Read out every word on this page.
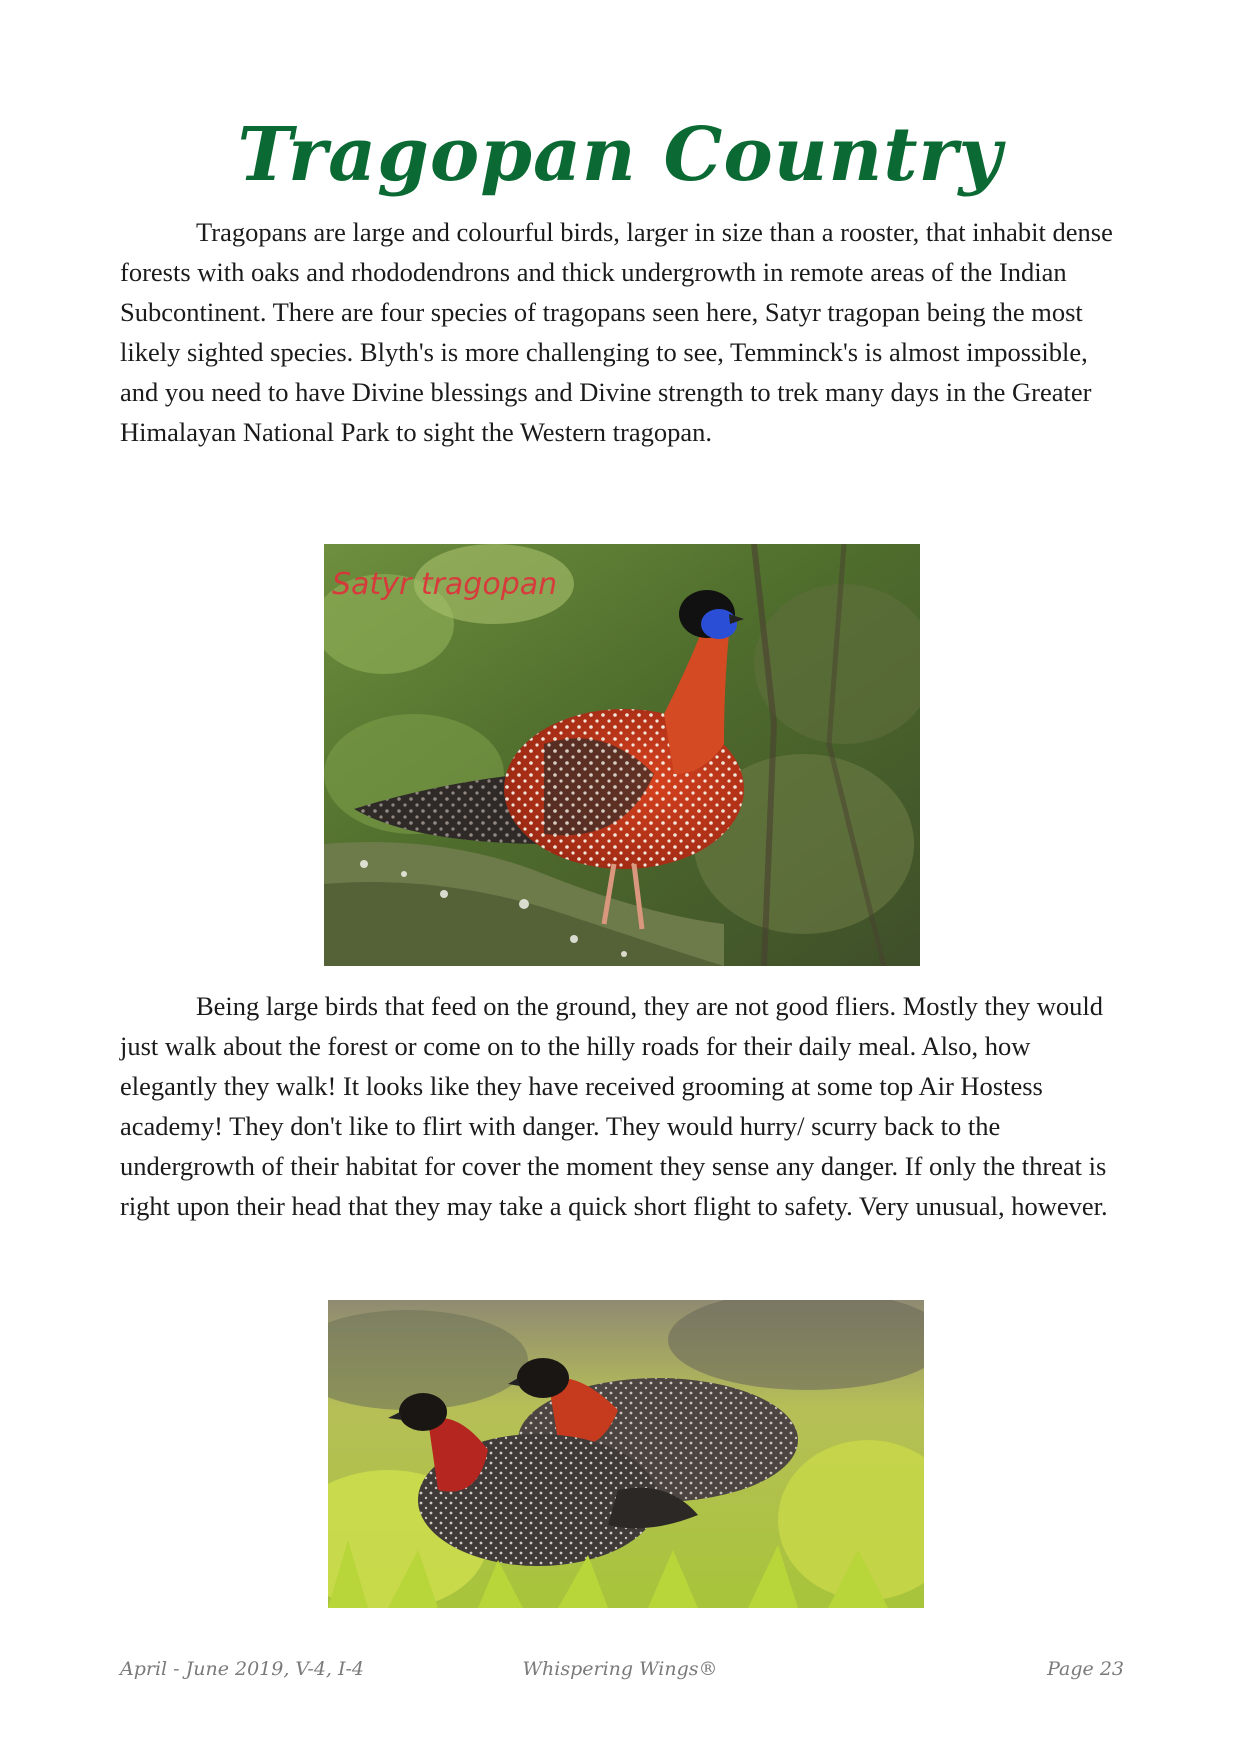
Tragopan Country

Tragopans are large and colourful birds, larger in size than a rooster, that inhabit dense forests with oaks and rhododendrons and thick undergrowth in remote areas of the Indian Subcontinent. There are four species of tragopans seen here, Satyr tragopan being the most likely sighted species. Blyth's is more challenging to see, Temminck's is almost impossible, and you need to have Divine blessings and Divine strength to trek many days in the Greater Himalayan National Park to sight the Western tragopan.

Satyr tragopan

Being large birds that feed on the ground, they are not good fliers. Mostly they would just walk about the forest or come on to the hilly roads for their daily meal. Also, how elegantly they walk! It looks like they have received grooming at some top Air Hostess academy! They don't like to flirt with danger. They would hurry/ scurry back to the undergrowth of their habitat for cover the moment they sense any danger. If only the threat is right upon their head that they may take a quick short flight to safety. Very unusual, however.

April - June 2019, V-4, I-4	Whispering Wings®	Page 23
